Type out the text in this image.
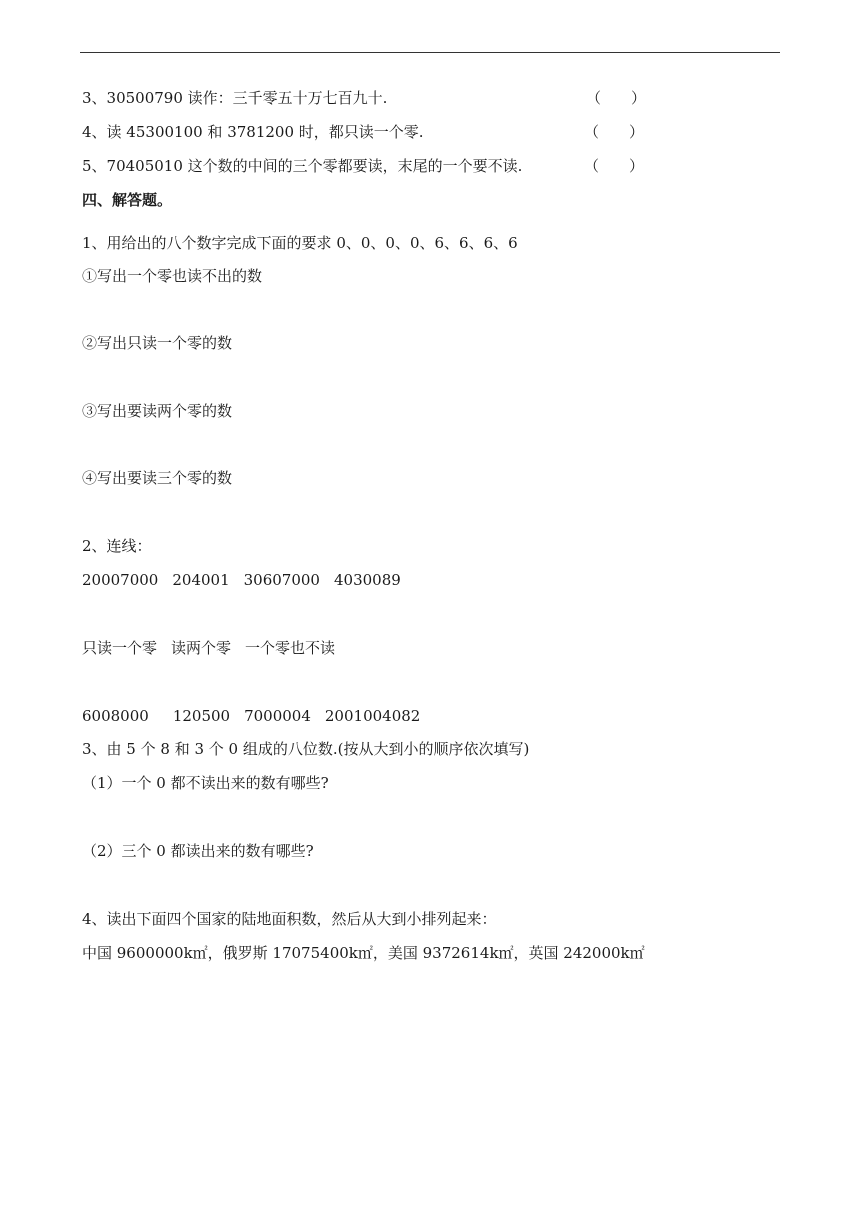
3、30500790 读作：三千零五十万七百九十.	（　　）
4、读 45300100 和 3781200 时，都只读一个零.	（　　）
5、70405010 这个数的中间的三个零都要读，末尾的一个要不读.	（　　）
四、解答题。
1、用给出的八个数字完成下面的要求 0、0、0、0、6、6、6、6
①写出一个零也读不出的数
②写出只读一个零的数
③写出要读两个零的数
④写出要读三个零的数
2、连线：
20007000 204001 30607000 4030089
只读一个零 读两个零 一个零也不读
6008000 120500 7000004 2001004082
3、由 5 个 8 和 3 个 0 组成的八位数.(按从大到小的顺序依次填写)
（1）一个 0 都不读出来的数有哪些?
（2）三个 0 都读出来的数有哪些?
4、读出下面四个国家的陆地面积数，然后从大到小排列起来：
中国 9600000k㎡，俄罗斯 17075400k㎡，美国 9372614k㎡，英国 242000k㎡
